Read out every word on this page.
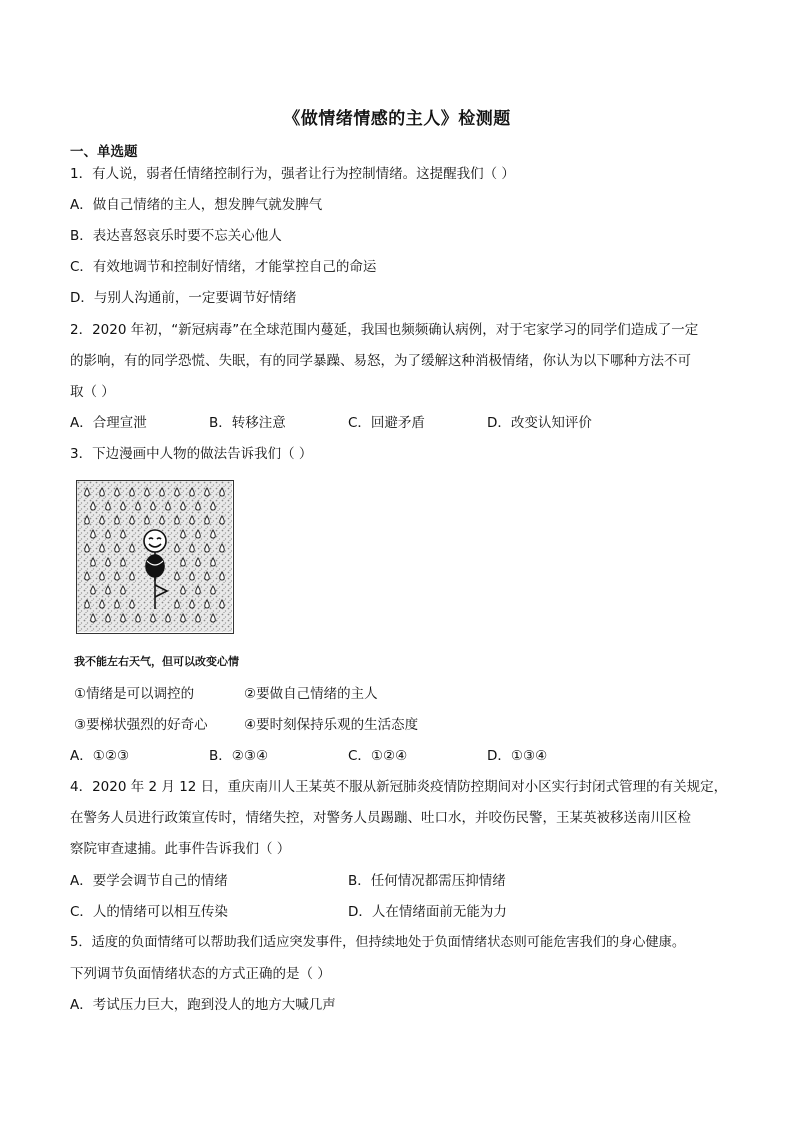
《做情绪情感的主人》检测题
一、单选题
1．有人说，弱者任情绪控制行为，强者让行为控制情绪。这提醒我们（ ）
A．做自己情绪的主人，想发脾气就发脾气
B．表达喜怒哀乐时要不忘关心他人
C．有效地调节和控制好情绪，才能掌控自己的命运
D．与别人沟通前，一定要调节好情绪
2．2020 年初，“新冠病毒”在全球范围内蔓延，我国也频频确认病例，对于宅家学习的同学们造成了一定
的影响，有的同学恐慌、失眠，有的同学暴躁、易怒，为了缓解这种消极情绪，你认为以下哪种方法不可
取（ ）
A．合理宣泄	B．转移注意	C．回避矛盾	D．改变认知评价
3．下边漫画中人物的做法告诉我们（ ）
我不能左右天气，但可以改变心情
①情绪是可以调控的	②要做自己情绪的主人
③要梯状强烈的好奇心	④要时刻保持乐观的生活态度
A．①②③	B．②③④	C．①②④	D．①③④
4．2020 年 2 月 12 日，重庆南川人王某英不服从新冠肺炎疫情防控期间对小区实行封闭式管理的有关规定，
在警务人员进行政策宣传时，情绪失控，对警务人员踢蹦、吐口水，并咬伤民警，王某英被移送南川区检
察院审查逮捕。此事件告诉我们（ ）
A．要学会调节自己的情绪	B．任何情况都需压抑情绪
C．人的情绪可以相互传染	D．人在情绪面前无能为力
5．适度的负面情绪可以帮助我们适应突发事件，但持续地处于负面情绪状态则可能危害我们的身心健康。
下列调节负面情绪状态的方式正确的是（ ）
A．考试压力巨大，跑到没人的地方大喊几声
